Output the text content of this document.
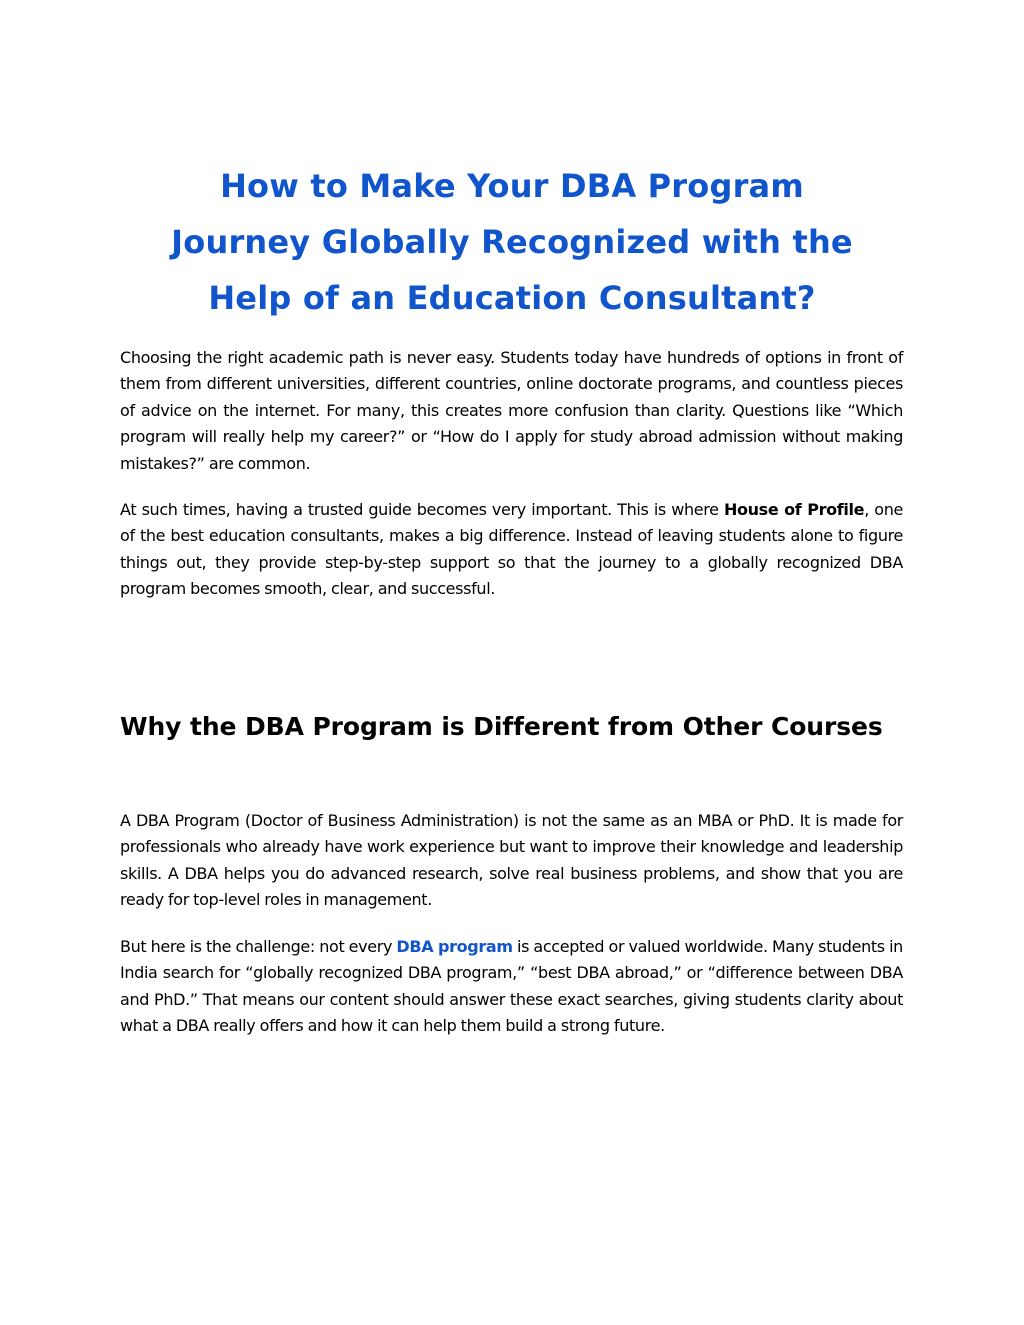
How to Make Your DBA Program
Journey Globally Recognized with the
Help of an Education Consultant?

Choosing the right academic path is never easy. Students today have hundreds of options in front of them from different universities, different countries, online doctorate programs, and countless pieces of advice on the internet. For many, this creates more confusion than clarity. Questions like “Which program will really help my career?” or “How do I apply for study abroad admission without making mistakes?” are common.

At such times, having a trusted guide becomes very important. This is where House of Profile, one of the best education consultants, makes a big difference. Instead of leaving students alone to figure things out, they provide step-by-step support so that the journey to a globally recognized DBA program becomes smooth, clear, and successful.

Why the DBA Program is Different from Other Courses

A DBA Program (Doctor of Business Administration) is not the same as an MBA or PhD. It is made for professionals who already have work experience but want to improve their knowledge and leadership skills. A DBA helps you do advanced research, solve real business problems, and show that you are ready for top-level roles in management.

But here is the challenge: not every DBA program is accepted or valued worldwide. Many students in India search for “globally recognized DBA program,” “best DBA abroad,” or “difference between DBA and PhD.” That means our content should answer these exact searches, giving students clarity about what a DBA really offers and how it can help them build a strong future.
